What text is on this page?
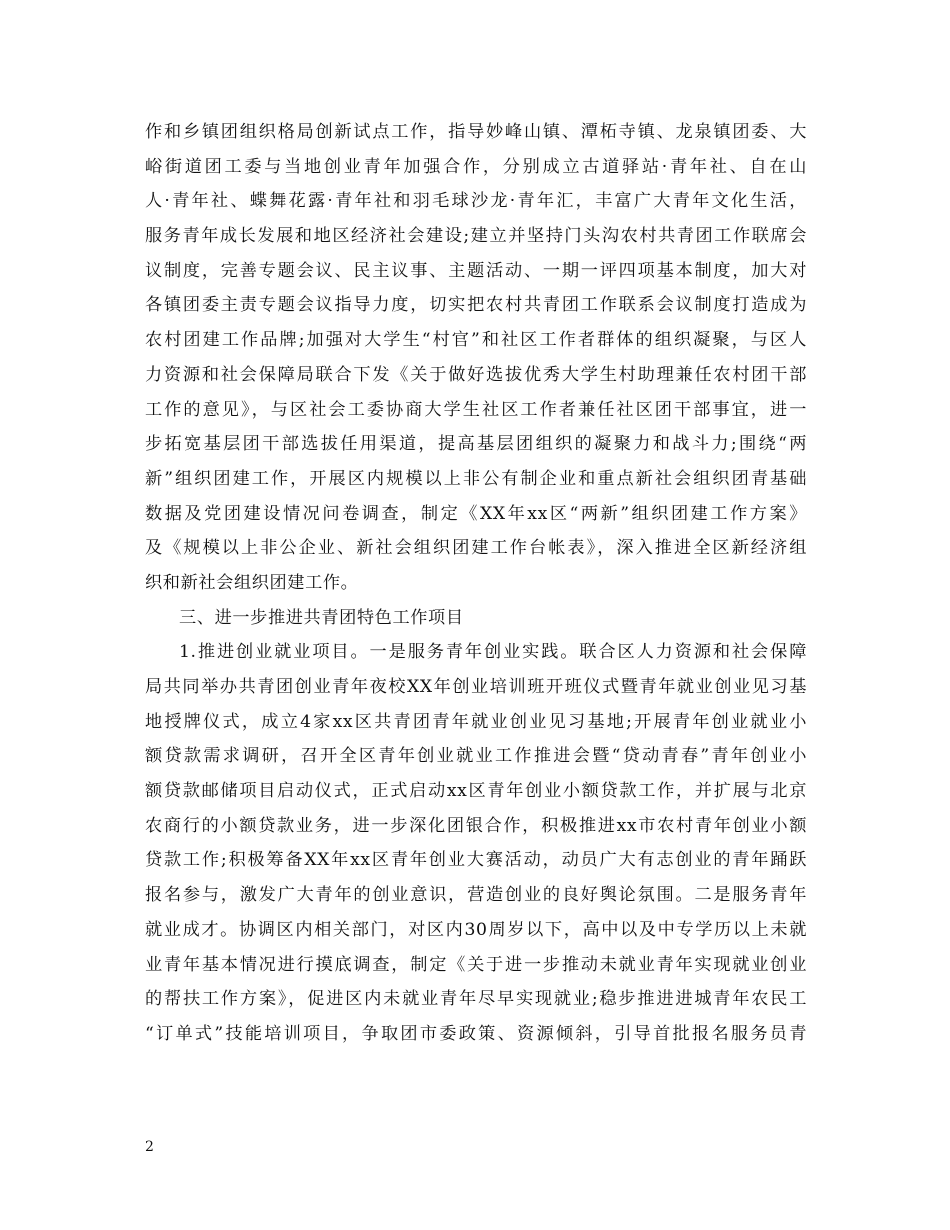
作和乡镇团组织格局创新试点工作，指导妙峰山镇、潭柘寺镇、龙泉镇团委、大
峪街道团工委与当地创业青年加强合作，分别成立古道驿站·青年社、自在山
人·青年社、蝶舞花露·青年社和羽毛球沙龙·青年汇，丰富广大青年文化生活，
服务青年成长发展和地区经济社会建设;建立并坚持门头沟农村共青团工作联席会
议制度，完善专题会议、民主议事、主题活动、一期一评四项基本制度，加大对
各镇团委主责专题会议指导力度，切实把农村共青团工作联系会议制度打造成为
农村团建工作品牌;加强对大学生“村官”和社区工作者群体的组织凝聚，与区人
力资源和社会保障局联合下发《关于做好选拔优秀大学生村助理兼任农村团干部
工作的意见》，与区社会工委协商大学生社区工作者兼任社区团干部事宜，进一
步拓宽基层团干部选拔任用渠道，提高基层团组织的凝聚力和战斗力;围绕“两
新”组织团建工作，开展区内规模以上非公有制企业和重点新社会组织团青基础
数据及党团建设情况问卷调查，制定《XX年xx区“两新”组织团建工作方案》
及《规模以上非公企业、新社会组织团建工作台帐表》，深入推进全区新经济组
织和新社会组织团建工作。
三、进一步推进共青团特色工作项目
1.推进创业就业项目。一是服务青年创业实践。联合区人力资源和社会保障
局共同举办共青团创业青年夜校XX年创业培训班开班仪式暨青年就业创业见习基
地授牌仪式，成立4家xx区共青团青年就业创业见习基地;开展青年创业就业小
额贷款需求调研，召开全区青年创业就业工作推进会暨“贷动青春”青年创业小
额贷款邮储项目启动仪式，正式启动xx区青年创业小额贷款工作，并扩展与北京
农商行的小额贷款业务，进一步深化团银合作，积极推进xx市农村青年创业小额
贷款工作;积极筹备XX年xx区青年创业大赛活动，动员广大有志创业的青年踊跃
报名参与，激发广大青年的创业意识，营造创业的良好舆论氛围。二是服务青年
就业成才。协调区内相关部门，对区内30周岁以下，高中以及中专学历以上未就
业青年基本情况进行摸底调查，制定《关于进一步推动未就业青年实现就业创业
的帮扶工作方案》，促进区内未就业青年尽早实现就业;稳步推进进城青年农民工
“订单式”技能培训项目，争取团市委政策、资源倾斜，引导首批报名服务员青
2
